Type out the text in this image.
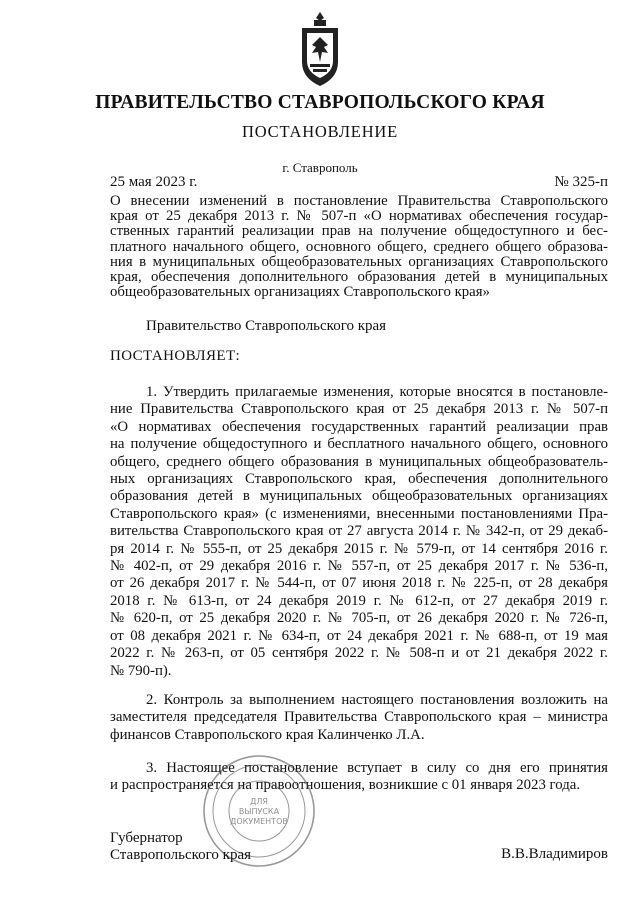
ПРАВИТЕЛЬСТВО СТАВРОПОЛЬСКОГО КРАЯ
ПОСТАНОВЛЕНИЕ
г. Ставрополь
25 мая 2023 г.	№ 325-п
О внесении изменений в постановление Правительства Ставропольского
края от 25 декабря 2013 г. № 507-п «О нормативах обеспечения государ-
ственных гарантий реализации прав на получение общедоступного и бес-
платного начального общего, основного общего, среднего общего образова-
ния в муниципальных общеобразовательных организациях Ставропольского
края, обеспечения дополнительного образования детей в муниципальных
общеобразовательных организациях Ставропольского края»
Правительство Ставропольского края
ПОСТАНОВЛЯЕТ:
1. Утвердить прилагаемые изменения, которые вносятся в постановле-
ние Правительства Ставропольского края от 25 декабря 2013 г. № 507-п
«О нормативах обеспечения государственных гарантий реализации прав
на получение общедоступного и бесплатного начального общего, основного
общего, среднего общего образования в муниципальных общеобразователь-
ных организациях Ставропольского края, обеспечения дополнительного
образования детей в муниципальных общеобразовательных организациях
Ставропольского края» (с изменениями, внесенными постановлениями Пра-
вительства Ставропольского края от 27 августа 2014 г. № 342-п, от 29 декаб-
ря 2014 г. № 555-п, от 25 декабря 2015 г. № 579-п, от 14 сентября 2016 г.
№ 402-п, от 29 декабря 2016 г. № 557-п, от 25 декабря 2017 г. № 536-п,
от 26 декабря 2017 г. № 544-п, от 07 июня 2018 г. № 225-п, от 28 декабря
2018 г. № 613-п, от 24 декабря 2019 г. № 612-п, от 27 декабря 2019 г.
№ 620-п, от 25 декабря 2020 г. № 705-п, от 26 декабря 2020 г. № 726-п,
от 08 декабря 2021 г. № 634-п, от 24 декабря 2021 г. № 688-п, от 19 мая
2022 г. № 263-п, от 05 сентября 2022 г. № 508-п и от 21 декабря 2022 г.
№ 790-п).
2. Контроль за выполнением настоящего постановления возложить на
заместителя председателя Правительства Ставропольского края – министра
финансов Ставропольского края Калинченко Л.А.
3. Настоящее постановление вступает в силу со дня его принятия
и распространяется на правоотношения, возникшие с 01 января 2023 года.
ДЛЯ
ВЫПУСКА
ДОКУМЕНТОВ
Губернатор
Ставропольского края	В.В.Владимиров
